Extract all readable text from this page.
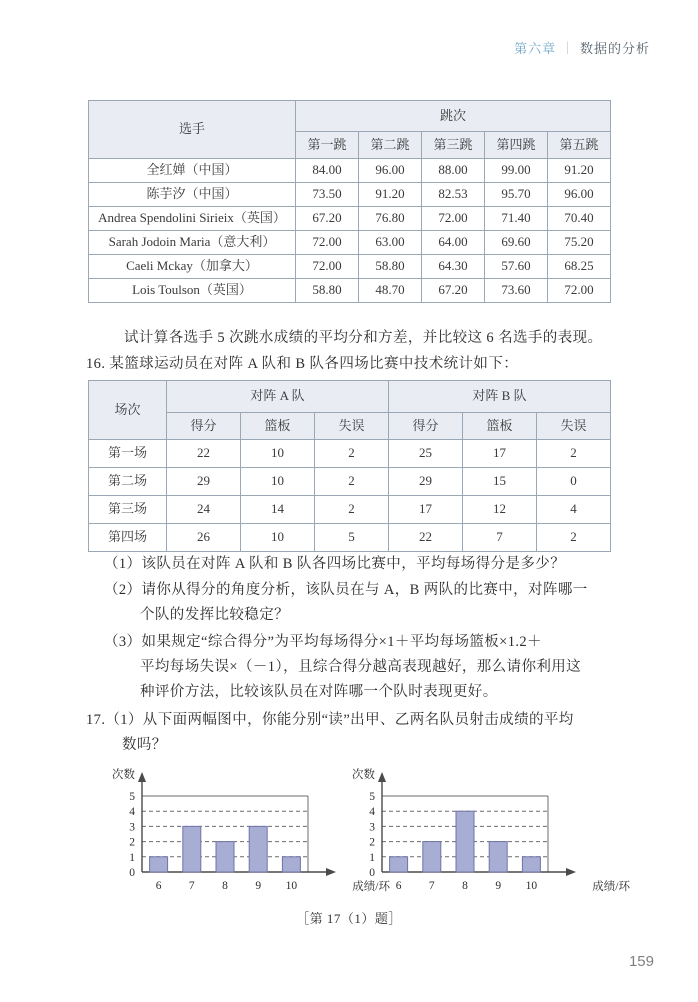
第六章 | 数据的分析
选手	跳次				
	第一跳	第二跳	第三跳	第四跳	第五跳
全红婵（中国）	84.00	96.00	88.00	99.00	91.20
陈芋汐（中国）	73.50	91.20	82.53	95.70	96.00
Andrea Spendolini Sirieix（英国）	67.20	76.80	72.00	71.40	70.40
Sarah Jodoin Maria（意大利）	72.00	63.00	64.00	69.60	75.20
Caeli Mckay（加拿大）	72.00	58.80	64.30	57.60	68.25
Lois Toulson（英国）	58.80	48.70	67.20	73.60	72.00
试计算各选手 5 次跳水成绩的平均分和方差，并比较这 6 名选手的表现。
16. 某篮球运动员在对阵 A 队和 B 队各四场比赛中技术统计如下：
场次	对阵 A 队			对阵 B 队		
	得分	篮板	失误	得分	篮板	失误
第一场	22	10	2	25	17	2
第二场	29	10	2	29	15	0
第三场	24	14	2	17	12	4
第四场	26	10	5	22	7	2
（1） 该队员在对阵 A 队和 B 队各四场比赛中，平均每场得分是多少？
（2） 请你从得分的角度分析，该队员在与 A，B 两队的比赛中，对阵哪一
个队的发挥比较稳定？
（3） 如果规定“综合得分”为平均每场得分×1＋平均每场篮板×1.2＋
平均每场失误×（－1），且综合得分越高表现越好，那么请你利用这
种评价方法，比较该队员在对阵哪一个队时表现更好。
17.（1） 从下面两幅图中，你能分别“读”出甲、乙两名队员射击成绩的平均
数吗？
次数
成绩/环
0
1
2
3
4
5
6 7 8 9 10
次数
成绩/环
0
1
2
3
4
5
6 7 8 9 10
［第 17（1）题］
159
